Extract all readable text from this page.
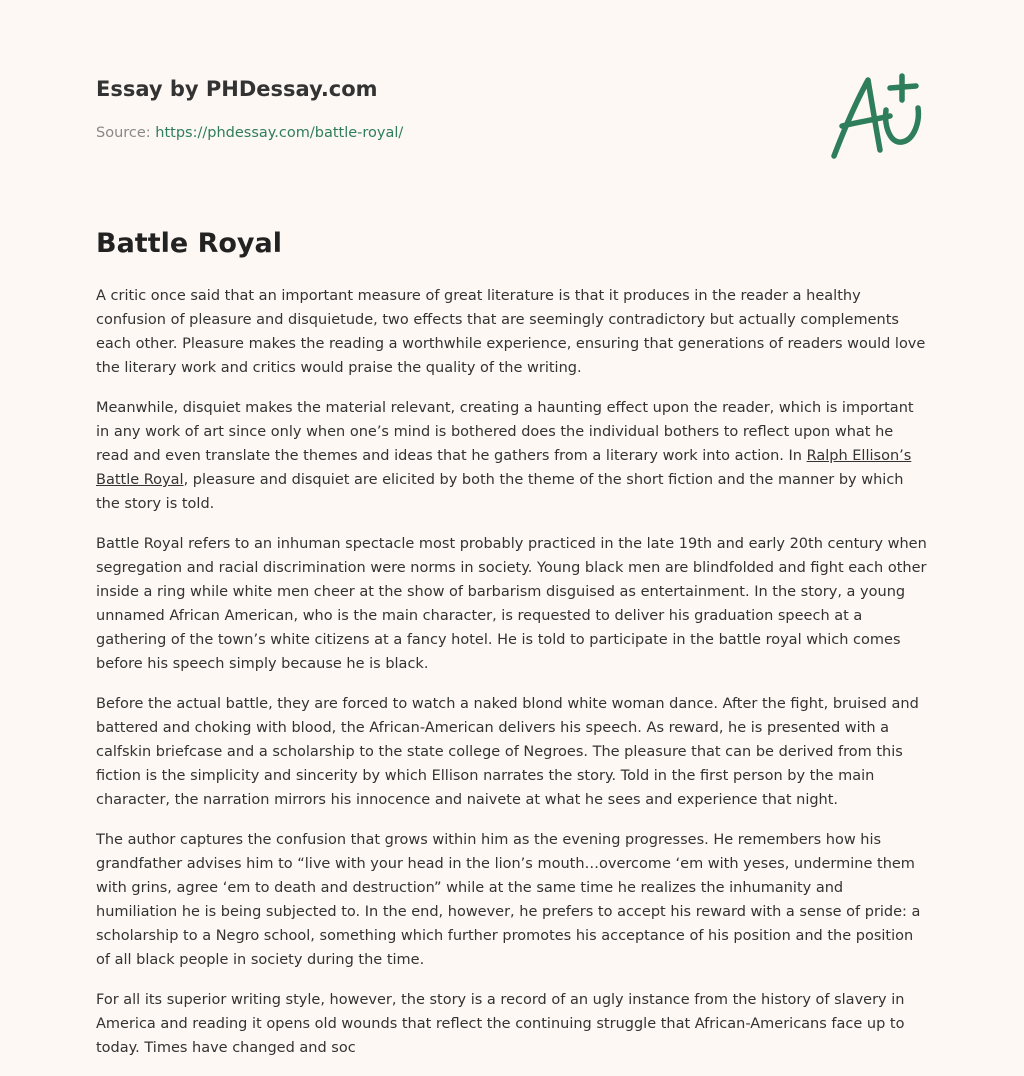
Essay by PHDessay.com
Source: https://phdessay.com/battle-royal/
Battle Royal

A critic once said that an important measure of great literature is that it produces in the reader a healthy confusion of pleasure and disquietude, two effects that are seemingly contradictory but actually complements each other. Pleasure makes the reading a worthwhile experience, ensuring that generations of readers would love the literary work and critics would praise the quality of the writing.

Meanwhile, disquiet makes the material relevant, creating a haunting effect upon the reader, which is important in any work of art since only when one’s mind is bothered does the individual bothers to reflect upon what he read and even translate the themes and ideas that he gathers from a literary work into action. In Ralph Ellison’s Battle Royal, pleasure and disquiet are elicited by both the theme of the short fiction and the manner by which the story is told.

Battle Royal refers to an inhuman spectacle most probably practiced in the late 19th and early 20th century when segregation and racial discrimination were norms in society. Young black men are blindfolded and fight each other inside a ring while white men cheer at the show of barbarism disguised as entertainment. In the story, a young unnamed African American, who is the main character, is requested to deliver his graduation speech at a gathering of the town’s white citizens at a fancy hotel. He is told to participate in the battle royal which comes before his speech simply because he is black.

Before the actual battle, they are forced to watch a naked blond white woman dance. After the fight, bruised and battered and choking with blood, the African-American delivers his speech. As reward, he is presented with a calfskin briefcase and a scholarship to the state college of Negroes. The pleasure that can be derived from this fiction is the simplicity and sincerity by which Ellison narrates the story. Told in the first person by the main character, the narration mirrors his innocence and naivete at what he sees and experience that night.

The author captures the confusion that grows within him as the evening progresses. He remembers how his grandfather advises him to “live with your head in the lion’s mouth…overcome ‘em with yeses, undermine them with grins, agree ‘em to death and destruction” while at the same time he realizes the inhumanity and humiliation he is being subjected to. In the end, however, he prefers to accept his reward with a sense of pride: a scholarship to a Negro school, something which further promotes his acceptance of his position and the position of all black people in society during the time.

For all its superior writing style, however, the story is a record of an ugly instance from the history of slavery in America and reading it opens old wounds that reflect the continuing struggle that African-Americans face up to today. Times have changed and soc
